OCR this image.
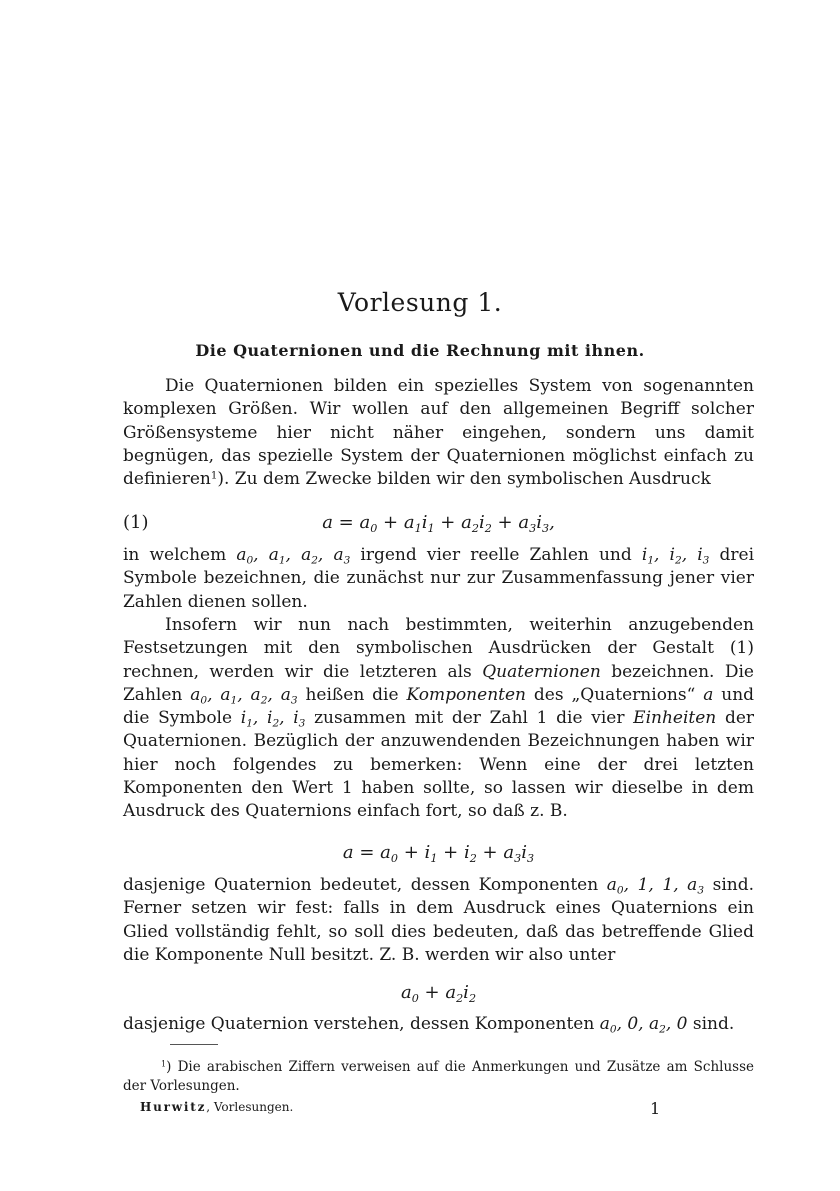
Vorlesung 1.
Die Quaternionen und die Rechnung mit ihnen.
Die Quaternionen bilden ein spezielles System von sogenannten komplexen Größen. Wir wollen auf den allgemeinen Begriff solcher Größensysteme hier nicht näher eingehen, sondern uns damit begnügen, das spezielle System der Quaternionen möglichst einfach zu definieren$^1$). Zu dem Zwecke bilden wir den symbolischen Ausdruck
(1)	$a = a_0 + a_1i_1 + a_2i_2 + a_3i_3$,
in welchem $a_0$, $a_1$, $a_2$, $a_3$ irgend vier reelle Zahlen und $i_1$, $i_2$, $i_3$ drei Symbole bezeichnen, die zunächst nur zur Zusammenfassung jener vier Zahlen dienen sollen.
Insofern wir nun nach bestimmten, weiterhin anzugebenden Festsetzungen mit den symbolischen Ausdrücken der Gestalt (1) rechnen, werden wir die letzteren als Quaternionen bezeichnen. Die Zahlen $a_0$, $a_1$, $a_2$, $a_3$ heißen die Komponenten des „Quaternions“ a und die Symbole $i_1$, $i_2$, $i_3$ zusammen mit der Zahl 1 die vier Einheiten der Quaternionen. Bezüglich der anzuwendenden Bezeichnungen haben wir hier noch folgendes zu bemerken: Wenn eine der drei letzten Komponenten den Wert 1 haben sollte, so lassen wir dieselbe in dem Ausdruck des Quaternions einfach fort, so daß z. B.
$a = a_0 + i_1 + i_2 + a_3i_3$
dasjenige Quaternion bedeutet, dessen Komponenten $a_0$, 1, 1, $a_3$ sind. Ferner setzen wir fest: falls in dem Ausdruck eines Quaternions ein Glied vollständig fehlt, so soll dies bedeuten, daß das betreffende Glied die Komponente Null besitzt. Z. B. werden wir also unter
$a_0 + a_2i_2$
dasjenige Quaternion verstehen, dessen Komponenten $a_0$, 0, $a_2$, 0 sind.
$^1$) Die arabischen Ziffern verweisen auf die Anmerkungen und Zusätze am Schlusse der Vorlesungen.
Hurwitz, Vorlesungen.	1
